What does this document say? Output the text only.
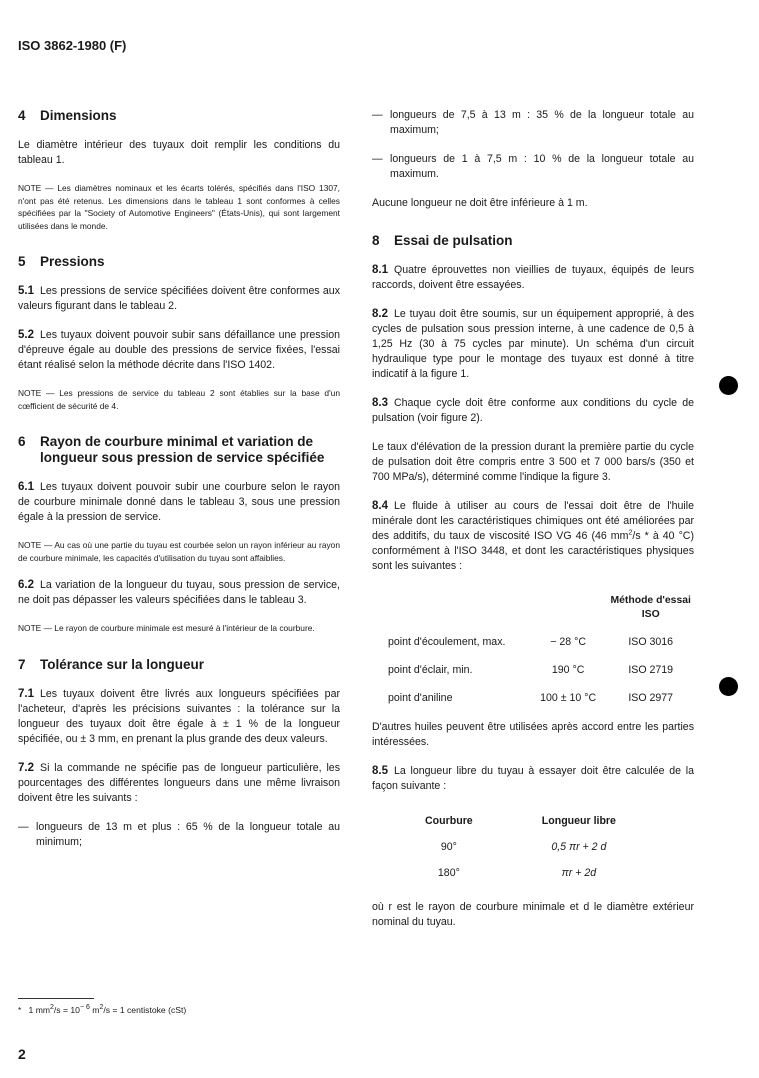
ISO 3862-1980 (F)
4 Dimensions

Le diamètre intérieur des tuyaux doit remplir les conditions du tableau 1.

NOTE — Les diamètres nominaux et les écarts tolérés, spécifiés dans l'ISO 1307, n'ont pas été retenus. Les dimensions dans le tableau 1 sont conformes à celles spécifiées par la "Society of Automotive Engineers" (États-Unis), qui sont largement utilisées dans le monde.
5 Pressions

5.1 Les pressions de service spécifiées doivent être conformes aux valeurs figurant dans le tableau 2.

5.2 Les tuyaux doivent pouvoir subir sans défaillance une pression d'épreuve égale au double des pressions de service fixées, l'essai étant réalisé selon la méthode décrite dans l'ISO 1402.

NOTE — Les pressions de service du tableau 2 sont établies sur la base d'un cœfficient de sécurité de 4.
6	Rayon de courbure minimal et variation de longueur sous pression de service spécifiée

6.1 Les tuyaux doivent pouvoir subir une courbure selon le rayon de courbure minimale donné dans le tableau 3, sous une pression égale à la pression de service.

NOTE — Au cas où une partie du tuyau est courbée selon un rayon inférieur au rayon de courbure minimale, les capacités d'utilisation du tuyau sont affaiblies.

6.2 La variation de la longueur du tuyau, sous pression de service, ne doit pas dépasser les valeurs spécifiées dans le tableau 3.

NOTE — Le rayon de courbure minimale est mesuré à l'intérieur de la courbure.
7 Tolérance sur la longueur

7.1 Les tuyaux doivent être livrés aux longueurs spécifiées par l'acheteur, d'après les précisions suivantes : la tolérance sur la longueur des tuyaux doit être égale à ± 1 % de la longueur spécifiée, ou ± 3 mm, en prenant la plus grande des deux valeurs.

7.2 Si la commande ne spécifie pas de longueur particulière, les pourcentages des différentes longueurs dans une même livraison doivent être les suivants :

— longueurs de 13 m et plus : 65 % de la longueur totale au minimum;

— longueurs de 7,5 à 13 m : 35 % de la longueur totale au maximum;

— longueurs de 1 à 7,5 m : 10 % de la longueur totale au maximum.

Aucune longueur ne doit être inférieure à 1 m.

8 Essai de pulsation

8.1 Quatre éprouvettes non vieillies de tuyaux, équipés de leurs raccords, doivent être essayées.

8.2 Le tuyau doit être soumis, sur un équipement approprié, à des cycles de pulsation sous pression interne, à une cadence de 0,5 à 1,25 Hz (30 à 75 cycles par minute). Un schéma d'un circuit hydraulique type pour le montage des tuyaux est donné à titre indicatif à la figure 1.

8.3 Chaque cycle doit être conforme aux conditions du cycle de pulsation (voir figure 2).

Le taux d'élévation de la pression durant la première partie du cycle de pulsation doit être compris entre 3 500 et 7 000 bars/s (350 et 700 MPa/s), déterminé comme l'indique la figure 3.

8.4 Le fluide à utiliser au cours de l'essai doit être de l'huile minérale dont les caractéristiques chimiques ont été améliorées par des additifs, du taux de viscosité ISO VG 46 (46 $mm^2/s$ * à 40 °C) conformément à l'ISO 3448, et dont les caractéristiques physiques sont les suivantes :

		Méthode d'essai ISO
point d'écoulement, max.	− 28 °C	ISO 3016
point d'éclair, min.	190 °C	ISO 2719
point d'aniline	100 ± 10 °C	ISO 2977

D'autres huiles peuvent être utilisées après accord entre les parties intéressées.

8.5 La longueur libre du tuyau à essayer doit être calculée de la façon suivante :

Courbure	Longueur libre
90°	0,5 πr + 2 d
180°	πr + 2d

où r est le rayon de courbure minimale et d le diamètre extérieur nominal du tuyau.

* 1 $mm^2/s = 10^{- 6}$ $m^2/s = 1$ centistoke (cSt)
2
